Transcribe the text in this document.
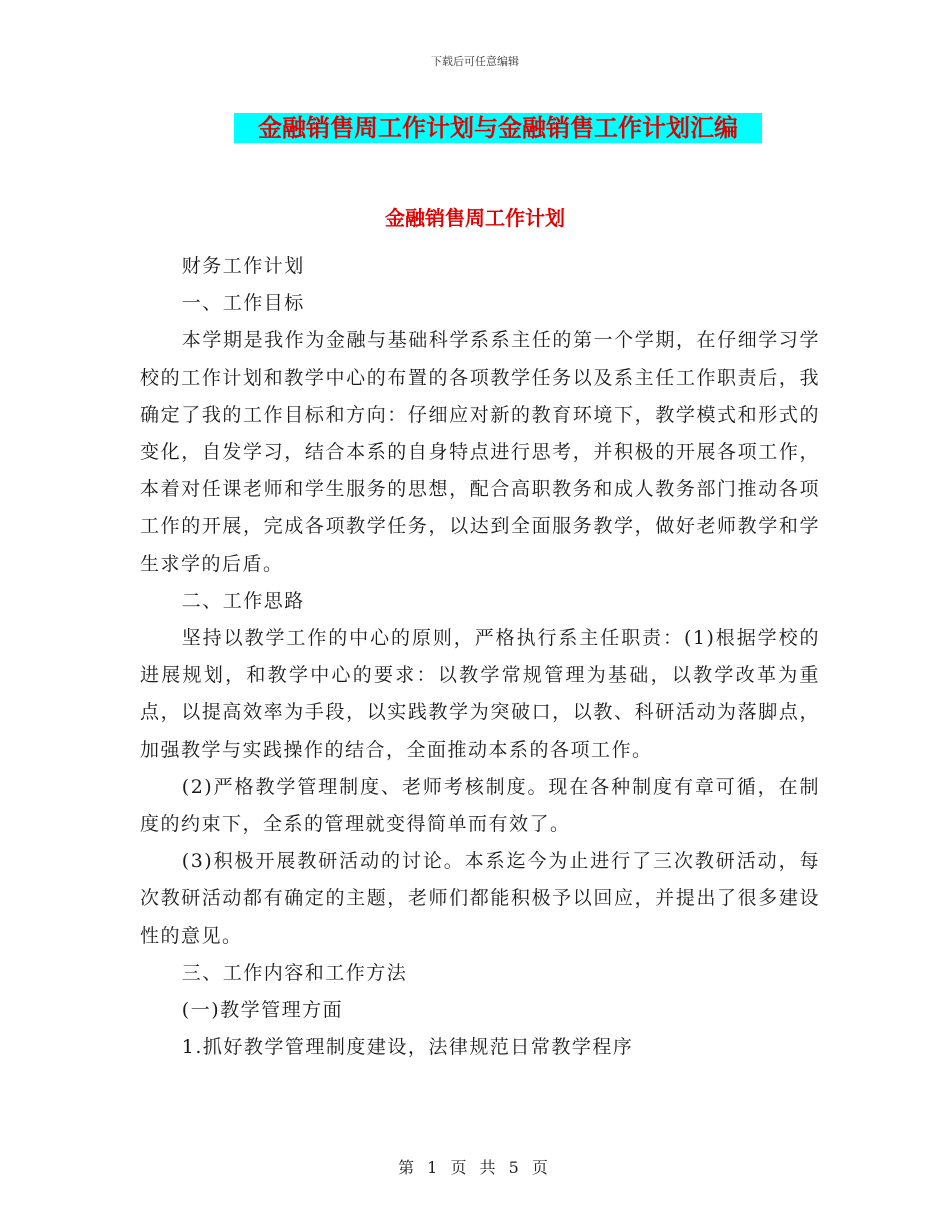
下载后可任意编辑
金融销售周工作计划与金融销售工作计划汇编
金融销售周工作计划

财务工作计划

一、工作目标

本学期是我作为金融与基础科学系系主任的第一个学期，在仔细学习学校的工作计划和教学中心的布置的各项教学任务以及系主任工作职责后，我确定了我的工作目标和方向：仔细应对新的教育环境下，教学模式和形式的变化，自发学习，结合本系的自身特点进行思考，并积极的开展各项工作，本着对任课老师和学生服务的思想，配合高职教务和成人教务部门推动各项工作的开展，完成各项教学任务，以达到全面服务教学，做好老师教学和学生求学的后盾。

二、工作思路

坚持以教学工作的中心的原则，严格执行系主任职责：(1)根据学校的进展规划，和教学中心的要求：以教学常规管理为基础，以教学改革为重点，以提高效率为手段，以实践教学为突破口，以教、科研活动为落脚点，加强教学与实践操作的结合，全面推动本系的各项工作。

(2)严格教学管理制度、老师考核制度。现在各种制度有章可循，在制度的约束下，全系的管理就变得简单而有效了。

(3)积极开展教研活动的讨论。本系迄今为止进行了三次教研活动，每次教研活动都有确定的主题，老师们都能积极予以回应，并提出了很多建设性的意见。

三、工作内容和工作方法

(一)教学管理方面

1.抓好教学管理制度建设，法律规范日常教学程序

第 1 页 共 5 页
